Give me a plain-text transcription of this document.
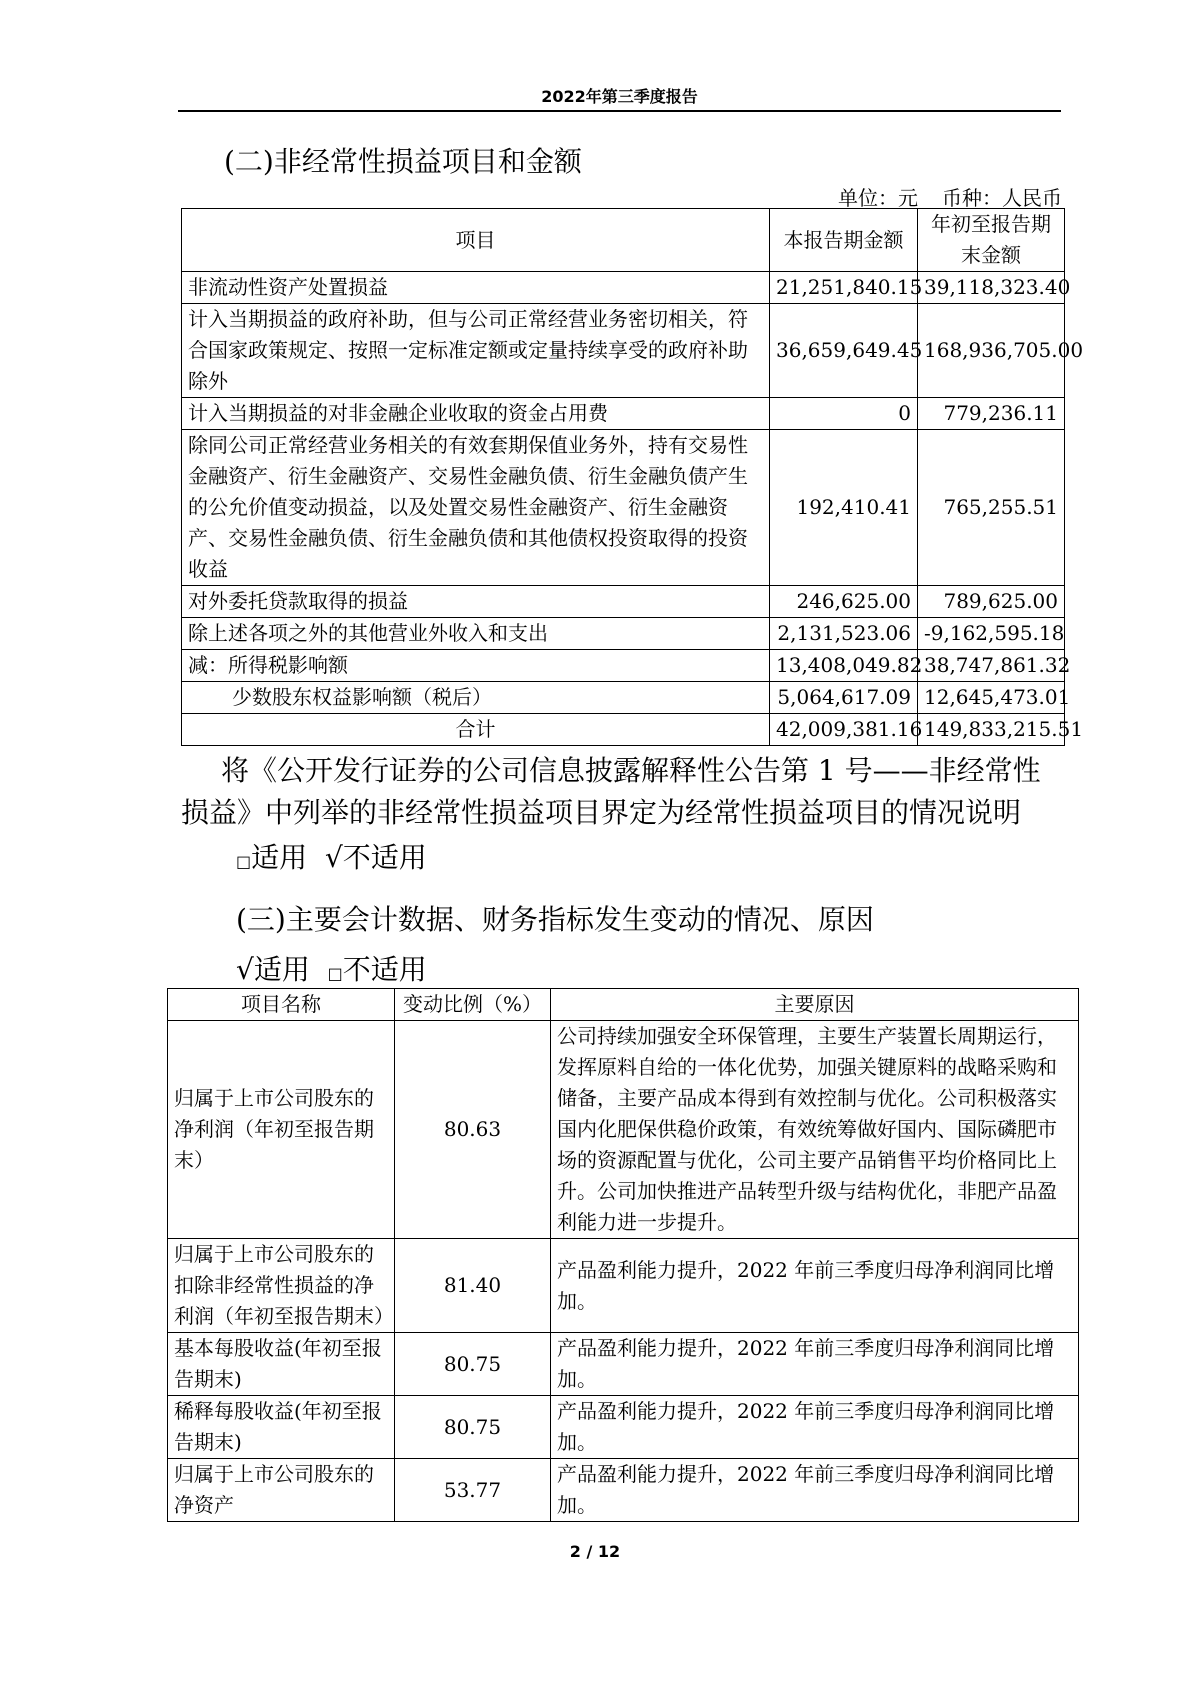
2022年第三季度报告
(二)非经常性损益项目和金额
单位：元 币种：人民币
项目	本报告期金额	年初至报告期末金额
非流动性资产处置损益	21,251,840.15	39,118,323.40
计入当期损益的政府补助，但与公司正常经营业务密切相关，符合国家政策规定、按照一定标准定额或定量持续享受的政府补助除外	36,659,649.45	168,936,705.00
计入当期损益的对非金融企业收取的资金占用费	0	779,236.11
除同公司正常经营业务相关的有效套期保值业务外，持有交易性金融资产、衍生金融资产、交易性金融负债、衍生金融负债产生的公允价值变动损益，以及处置交易性金融资产、衍生金融资产、交易性金融负债、衍生金融负债和其他债权投资取得的投资收益	192,410.41	765,255.51
对外委托贷款取得的损益	246,625.00	789,625.00
除上述各项之外的其他营业外收入和支出	2,131,523.06	-9,162,595.18
减：所得税影响额	13,408,049.82	38,747,861.32
少数股东权益影响额（税后）	5,064,617.09	12,645,473.01
合计	42,009,381.16	149,833,215.51
将《公开发行证券的公司信息披露解释性公告第 1 号——非经常性损益》中列举的非经常性损益项目界定为经常性损益项目的情况说明
□适用 √不适用
(三)主要会计数据、财务指标发生变动的情况、原因
√适用 □不适用
项目名称	变动比例（%）	主要原因
归属于上市公司股东的净利润（年初至报告期末）	80.63	公司持续加强安全环保管理，主要生产装置长周期运行，发挥原料自给的一体化优势，加强关键原料的战略采购和储备，主要产品成本得到有效控制与优化。公司积极落实国内化肥保供稳价政策，有效统筹做好国内、国际磷肥市场的资源配置与优化，公司主要产品销售平均价格同比上升。公司加快推进产品转型升级与结构优化，非肥产品盈利能力进一步提升。
归属于上市公司股东的扣除非经常性损益的净利润（年初至报告期末）	81.40	产品盈利能力提升，2022 年前三季度归母净利润同比增加。
基本每股收益(年初至报告期末)	80.75	产品盈利能力提升，2022 年前三季度归母净利润同比增加。
稀释每股收益(年初至报告期末)	80.75	产品盈利能力提升，2022 年前三季度归母净利润同比增加。
归属于上市公司股东的净资产	53.77	产品盈利能力提升，2022 年前三季度归母净利润同比增加。
2 / 12
